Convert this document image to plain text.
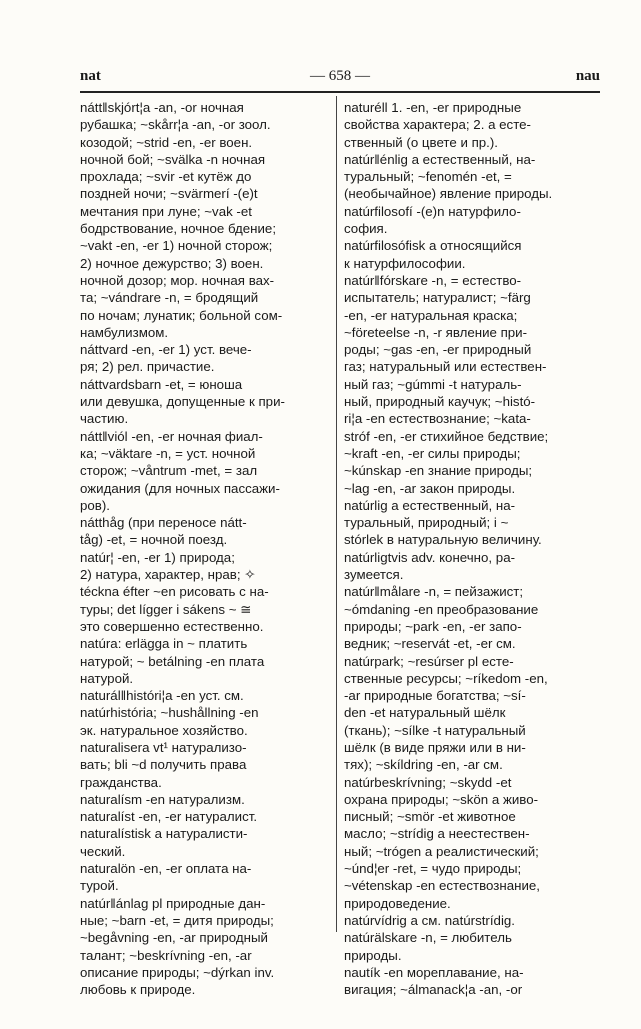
nat	— 658 —	nau
náttǁskjórt¦a -an, -or ночная
рубашка; ~skårr¦a -an, -or зоол.
козодой; ~strid -en, -er воен.
ночной бой; ~svälka -n ночная
прохлада; ~svir -et кутёж до
поздней ночи; ~svärmerí -(e)t
мечтания при луне; ~vak -et
бодрствование, ночное бдение;
~vakt -en, -er 1) ночной сторож;
2) ночное дежурство; 3) воен.
ночной дозор; мор. ночная вах-
та; ~vándrare -n, = бродящий
по ночам; лунатик; больной сом-
намбулизмом.
náttvard -en, -er 1) уст. вече-
ря; 2) рел. причастие.
náttvardsbarn -et, = юноша
или девушка, допущенные к при-
частию.
náttǁviól -en, -er ночная фиал-
ка; ~väktare -n, = уст. ночной
сторож; ~våntrum -met, = зал
ожидания (для ночных пассажи-
ров).
nátthåg (при переносе nátt-
tåg) -et, = ночной поезд.
natúr¦ -en, -er 1) природа;
2) натура, характер, нрав; ✧
téckna éfter ~en рисовать с на-
туры; det lígger i sákens ~ ≅
это совершенно естественно.
natúra: erlägga in ~ платить
натурой; ~ betálning -en плата
натурой.
naturálǁhistóri¦a -en уст. см.
natúrhistória; ~hushållning -en
эк. натуральное хозяйство.
naturalisera vt¹ натурализо-
вать; bli ~d получить права
гражданства.
naturalísm -en натурализм.
naturalíst -en, -er натуралист.
naturalístisk a натуралисти-
ческий.
naturalön -en, -er оплата на-
турой.
natúrǁánlag pl природные дан-
ные; ~barn -et, = дитя природы;
~begåvning -en, -ar природный
талант; ~beskrívning -en, -ar
описание природы; ~dýrkan inv.
любовь к природе.
naturéll 1. -en, -er природные
свойства характера; 2. a есте-
ственный (о цвете и пр.).
natúrǁénlig a естественный, на-
туральный; ~fenomén -et, =
(необычайное) явление природы.
natúrfilosofí -(e)n натурфило-
софия.
natúrfilosófisk a относящийся
к натурфилософии.
natúrǁfórskare -n, = естество-
испытатель; натуралист; ~färg
-en, -er натуральная краска;
~företeelse -n, -r явление при-
роды; ~gas -en, -er природный
газ; натуральный или естествен-
ный газ; ~gúmmi -t натураль-
ный, природный каучук; ~histó-
ri¦a -en естествознание; ~kata-
stróf -en, -er стихийное бедствие;
~kraft -en, -er силы природы;
~kúnskap -en знание природы;
~lag -en, -ar закон природы.
natúrlig a естественный, на-
туральный, природный; i ~
stórlek в натуральную величину.
natúrligtvis adv. конечно, ра-
зумеется.
natúrǁmålare -n, = пейзажист;
~ómdaning -en преобразование
природы; ~park -en, -er запо-
ведник; ~reservát -et, -er см.
natúrpark; ~resúrser pl есте-
ственные ресурсы; ~ríkedom -en,
-ar природные богатства; ~sí-
den -et натуральный шёлк
(ткань); ~sílke -t натуральный
шёлк (в виде пряжи или в ни-
тях); ~skíldring -en, -ar см.
natúrbeskrívning; ~skydd -et
охрана природы; ~skön a живо-
писный; ~smör -et животное
масло; ~strídig a неестествен-
ный; ~trógen a реалистический;
~únd¦er -ret, = чудо природы;
~vétenskap -en естествознание,
природоведение.
natúrvídrig a см. natúrstrídig.
natúrälskare -n, = любитель
природы.
nautík -en мореплавание, на-
вигация; ~álmanack¦a -an, -or
